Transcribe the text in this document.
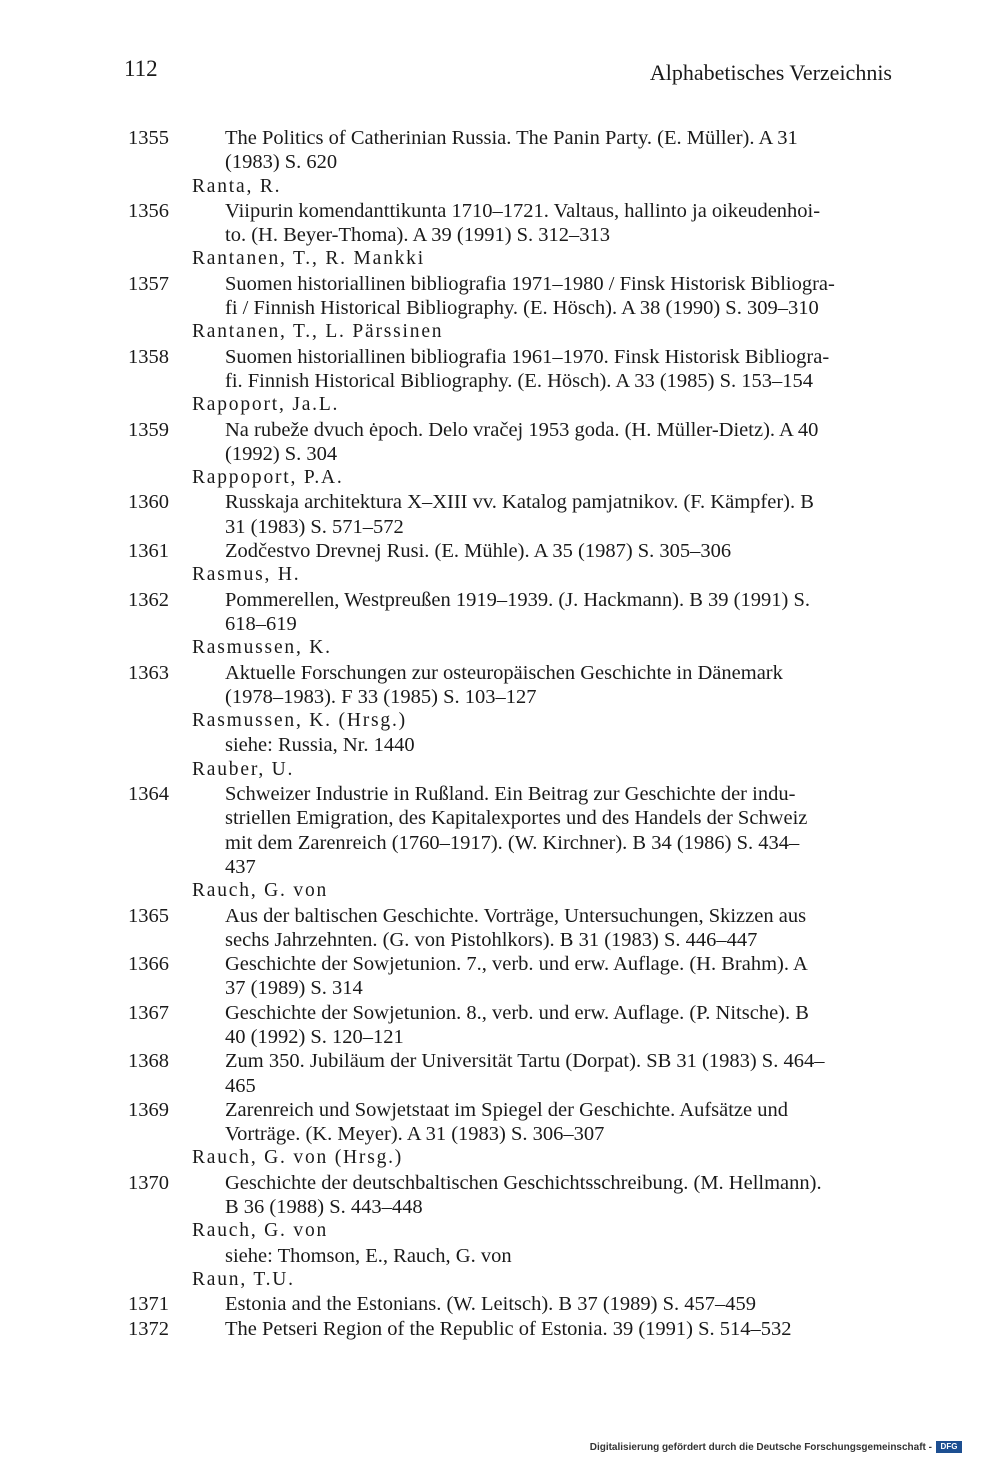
112	Alphabetisches Verzeichnis
1355	The Politics of Catherinian Russia. The Panin Party. (E. Müller). A 31
(1983) S. 620
Ranta, R.
1356	Viipurin komendanttikunta 1710–1721. Valtaus, hallinto ja oikeudenhoi-
to. (H. Beyer-Thoma). A 39 (1991) S. 312–313
Rantanen, T., R. Mankki
1357	Suomen historiallinen bibliografia 1971–1980 / Finsk Historisk Bibliogra-
fi / Finnish Historical Bibliography. (E. Hösch). A 38 (1990) S. 309–310
Rantanen, T., L. Pärssinen
1358	Suomen historiallinen bibliografia 1961–1970. Finsk Historisk Bibliogra-
fi. Finnish Historical Bibliography. (E. Hösch). A 33 (1985) S. 153–154
Rapoport, Ja.L.
1359	Na rubeže dvuch ėpoch. Delo vračej 1953 goda. (H. Müller-Dietz). A 40
(1992) S. 304
Rappoport, P.A.
1360	Russkaja architektura X–XIII vv. Katalog pamjatnikov. (F. Kämpfer). B
31 (1983) S. 571–572
1361	Zodčestvo Drevnej Rusi. (E. Mühle). A 35 (1987) S. 305–306
Rasmus, H.
1362	Pommerellen, Westpreußen 1919–1939. (J. Hackmann). B 39 (1991) S.
618–619
Rasmussen, K.
1363	Aktuelle Forschungen zur osteuropäischen Geschichte in Dänemark
(1978–1983). F 33 (1985) S. 103–127
Rasmussen, K. (Hrsg.)
siehe: Russia, Nr. 1440
Rauber, U.
1364	Schweizer Industrie in Rußland. Ein Beitrag zur Geschichte der indu-
striellen Emigration, des Kapitalexportes und des Handels der Schweiz
mit dem Zarenreich (1760–1917). (W. Kirchner). B 34 (1986) S. 434–
437
Rauch, G. von
1365	Aus der baltischen Geschichte. Vorträge, Untersuchungen, Skizzen aus
sechs Jahrzehnten. (G. von Pistohlkors). B 31 (1983) S. 446–447
1366	Geschichte der Sowjetunion. 7., verb. und erw. Auflage. (H. Brahm). A
37 (1989) S. 314
1367	Geschichte der Sowjetunion. 8., verb. und erw. Auflage. (P. Nitsche). B
40 (1992) S. 120–121
1368	Zum 350. Jubiläum der Universität Tartu (Dorpat). SB 31 (1983) S. 464–
465
1369	Zarenreich und Sowjetstaat im Spiegel der Geschichte. Aufsätze und
Vorträge. (K. Meyer). A 31 (1983) S. 306–307
Rauch, G. von (Hrsg.)
1370	Geschichte der deutschbaltischen Geschichtsschreibung. (M. Hellmann).
B 36 (1988) S. 443–448
Rauch, G. von
siehe: Thomson, E., Rauch, G. von
Raun, T.U.
1371	Estonia and the Estonians. (W. Leitsch). B 37 (1989) S. 457–459
1372	The Petseri Region of the Republic of Estonia. 39 (1991) S. 514–532
Digitalisierung gefördert durch die Deutsche Forschungsgemeinschaft -	DFG
